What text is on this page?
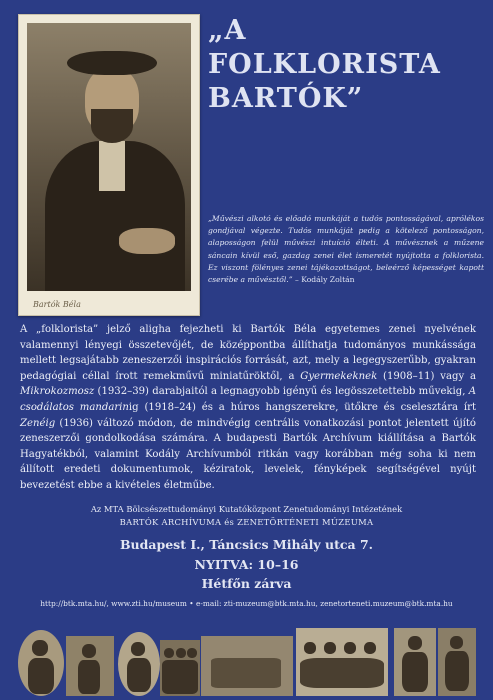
Bartók Béla
„A FOLKLORISTA
BARTÓK”

„Művészi alkotó és előadó munkáját a tudós pontosságával, aprólékos gondjával végezte. Tudós munkáját pedig a kötelező pontosságon, alaposságon felül művészi intuíció élteti. A művésznek a műzene sáncain kívül eső, gazdag zenei élet ismeretét nyújtotta a folklorista. Ez viszont fölényes zenei tájékozottságot, beleérző képességet kapott cserébe a művésztől.” – Kodály Zoltán

A „folklorista” jelző aligha fejezheti ki Bartók Béla egyetemes zenei nyelvének valamennyi lényegi összetevőjét, de középpontba állíthatja tudományos munkássága mellett legsajátabb zeneszerzői inspirációs forrását, azt, mely a legegyszerűbb, gyakran pedagógiai céllal írott remekművű miniatűröktől, a Gyermekeknek (1908–11) vagy a Mikrokozmosz (1932–39) darabjaitól a legnagyobb igényű és legösszetettebb művekig, A csodálatos mandarinig (1918–24) és a húros hangszerekre, ütőkre és cselesztára írt Zenéig (1936) változó módon, de mindvégig centrális vonatkozási pontot jelentett újító zeneszerzői gondolkodása számára. A budapesti Bartók Archívum kiállítása a Bartók Hagyatékból, valamint Kodály Archívumból ritkán vagy korábban még soha ki nem állított eredeti dokumentumok, kéziratok, levelek, fényképek segítségével nyújt bevezetést ebbe a kivételes életműbe.

Az MTA Bölcsészettudományi Kutatóközpont Zenetudományi Intézetének
BARTÓK ARCHÍVUMA és ZENETÖRTÉNETI MÚZEUMA
Budapest I., Táncsics Mihály utca 7.
NYITVA: 10–16
Hétfőn zárva
http://btk.mta.hu/, www.zti.hu/museum • e-mail: zti-muzeum@btk.mta.hu, zenetorteneti.muzeum@btk.mta.hu
